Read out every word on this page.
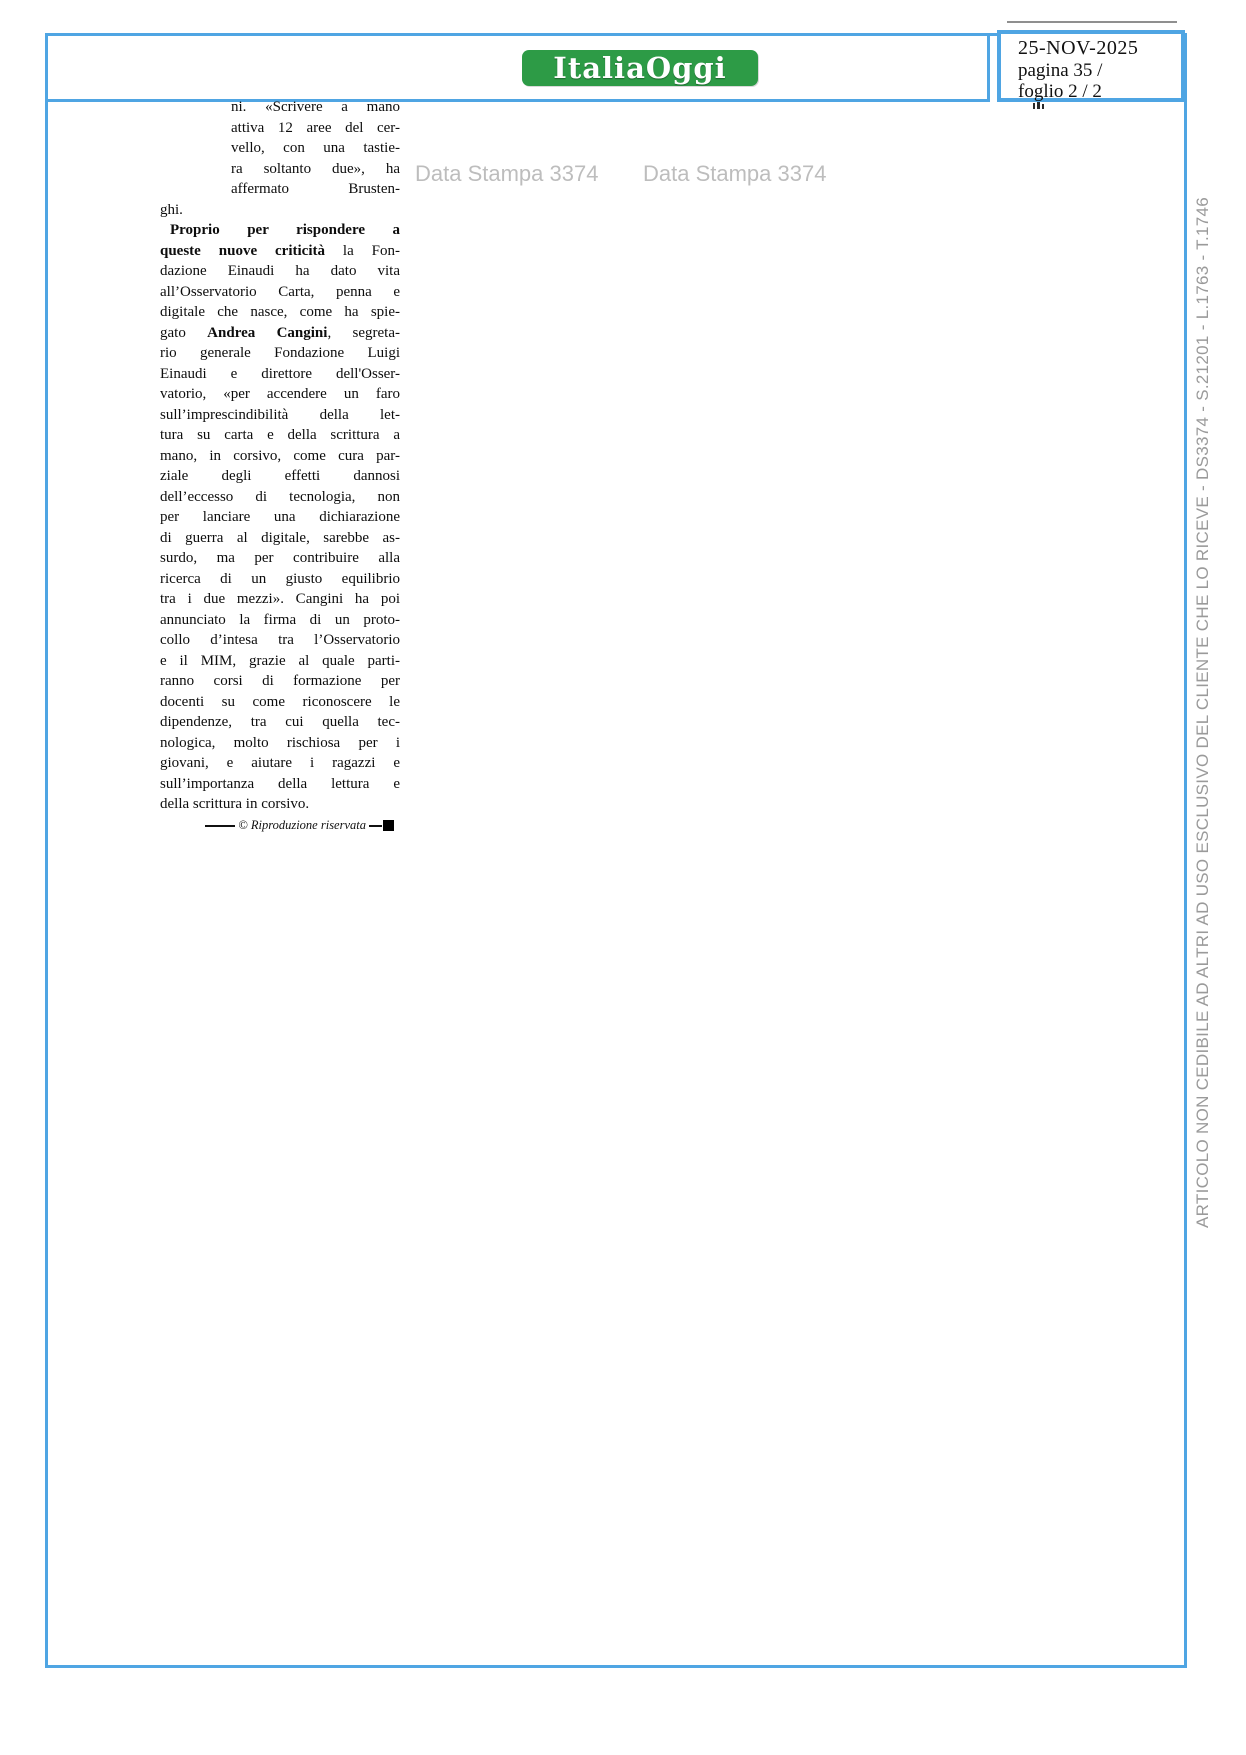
ItaliaOggi
25-NOV-2025
pagina 35 /
foglio 2 / 2
Data Stampa 3374 Data Stampa 3374
ni. «Scrivere a mano
attiva 12 aree del cer-
vello, con una tastie-
ra soltanto due», ha
affermato Brusten-
ghi.
Proprio per rispondere a
queste nuove criticità la Fon-
dazione Einaudi ha dato vita
all’Osservatorio Carta, penna e
digitale che nasce, come ha spie-
gato Andrea Cangini, segreta-
rio generale Fondazione Luigi
Einaudi e direttore dell'Osser-
vatorio, «per accendere un faro
sull’imprescindibilità della let-
tura su carta e della scrittura a
mano, in corsivo, come cura par-
ziale degli effetti dannosi
dell’eccesso di tecnologia, non
per lanciare una dichiarazione
di guerra al digitale, sarebbe as-
surdo, ma per contribuire alla
ricerca di un giusto equilibrio
tra i due mezzi». Cangini ha poi
annunciato la firma di un proto-
collo d’intesa tra l’Osservatorio
e il MIM, grazie al quale parti-
ranno corsi di formazione per
docenti su come riconoscere le
dipendenze, tra cui quella tec-
nologica, molto rischiosa per i
giovani, e aiutare i ragazzi e
sull’importanza della lettura e
della scrittura in corsivo.
© Riproduzione riservata	ARTICOLO NON CEDIBILE AD ALTRI AD USO ESCLUSIVO DEL CLIENTE CHE LO RICEVE - DS3374 - S.21201 - L.1763 - T.1746
